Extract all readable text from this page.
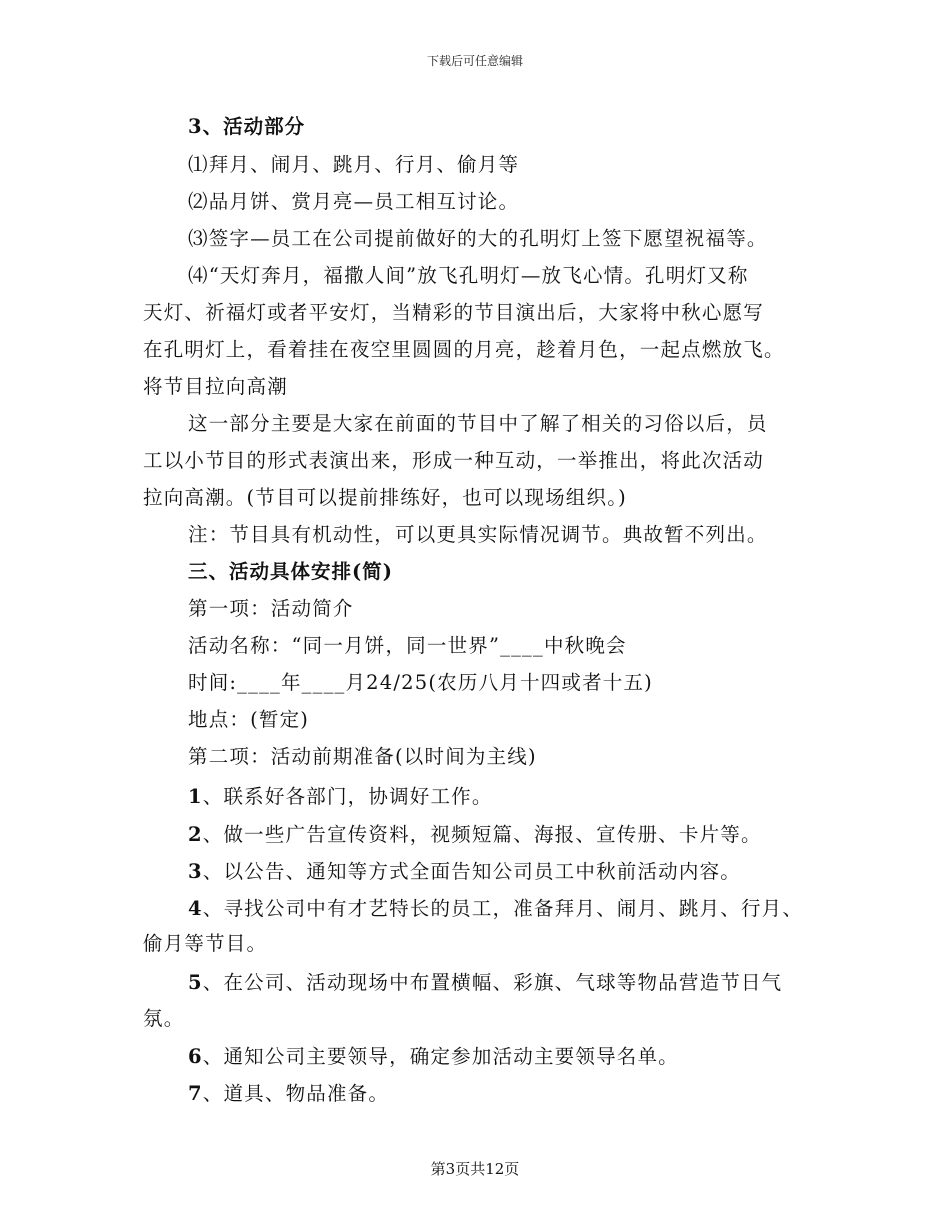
下载后可任意编辑
3、活动部分
⑴拜月、闹月、跳月、行月、偷月等
⑵品月饼、赏月亮—员工相互讨论。
⑶签字—员工在公司提前做好的大的孔明灯上签下愿望祝福等。
⑷“天灯奔月，福撒人间”放飞孔明灯—放飞心情。孔明灯又称
天灯、祈福灯或者平安灯，当精彩的节目演出后，大家将中秋心愿写
在孔明灯上，看着挂在夜空里圆圆的月亮，趁着月色，一起点燃放飞。
将节目拉向高潮
这一部分主要是大家在前面的节目中了解了相关的习俗以后，员
工以小节目的形式表演出来，形成一种互动，一举推出，将此次活动
拉向高潮。(节目可以提前排练好，也可以现场组织。)
注：节目具有机动性，可以更具实际情况调节。典故暂不列出。
三、活动具体安排(简)
第一项：活动简介
活动名称：“同一月饼，同一世界”____中秋晚会
时间:____年____月24/25(农历八月十四或者十五)
地点：(暂定)
第二项：活动前期准备(以时间为主线)
1、联系好各部门，协调好工作。
2、做一些广告宣传资料，视频短篇、海报、宣传册、卡片等。
3、以公告、通知等方式全面告知公司员工中秋前活动内容。
4、寻找公司中有才艺特长的员工，准备拜月、闹月、跳月、行月、
偷月等节目。
5、在公司、活动现场中布置横幅、彩旗、气球等物品营造节日气
氛。
6、通知公司主要领导，确定参加活动主要领导名单。
7、道具、物品准备。
第3页共12页
